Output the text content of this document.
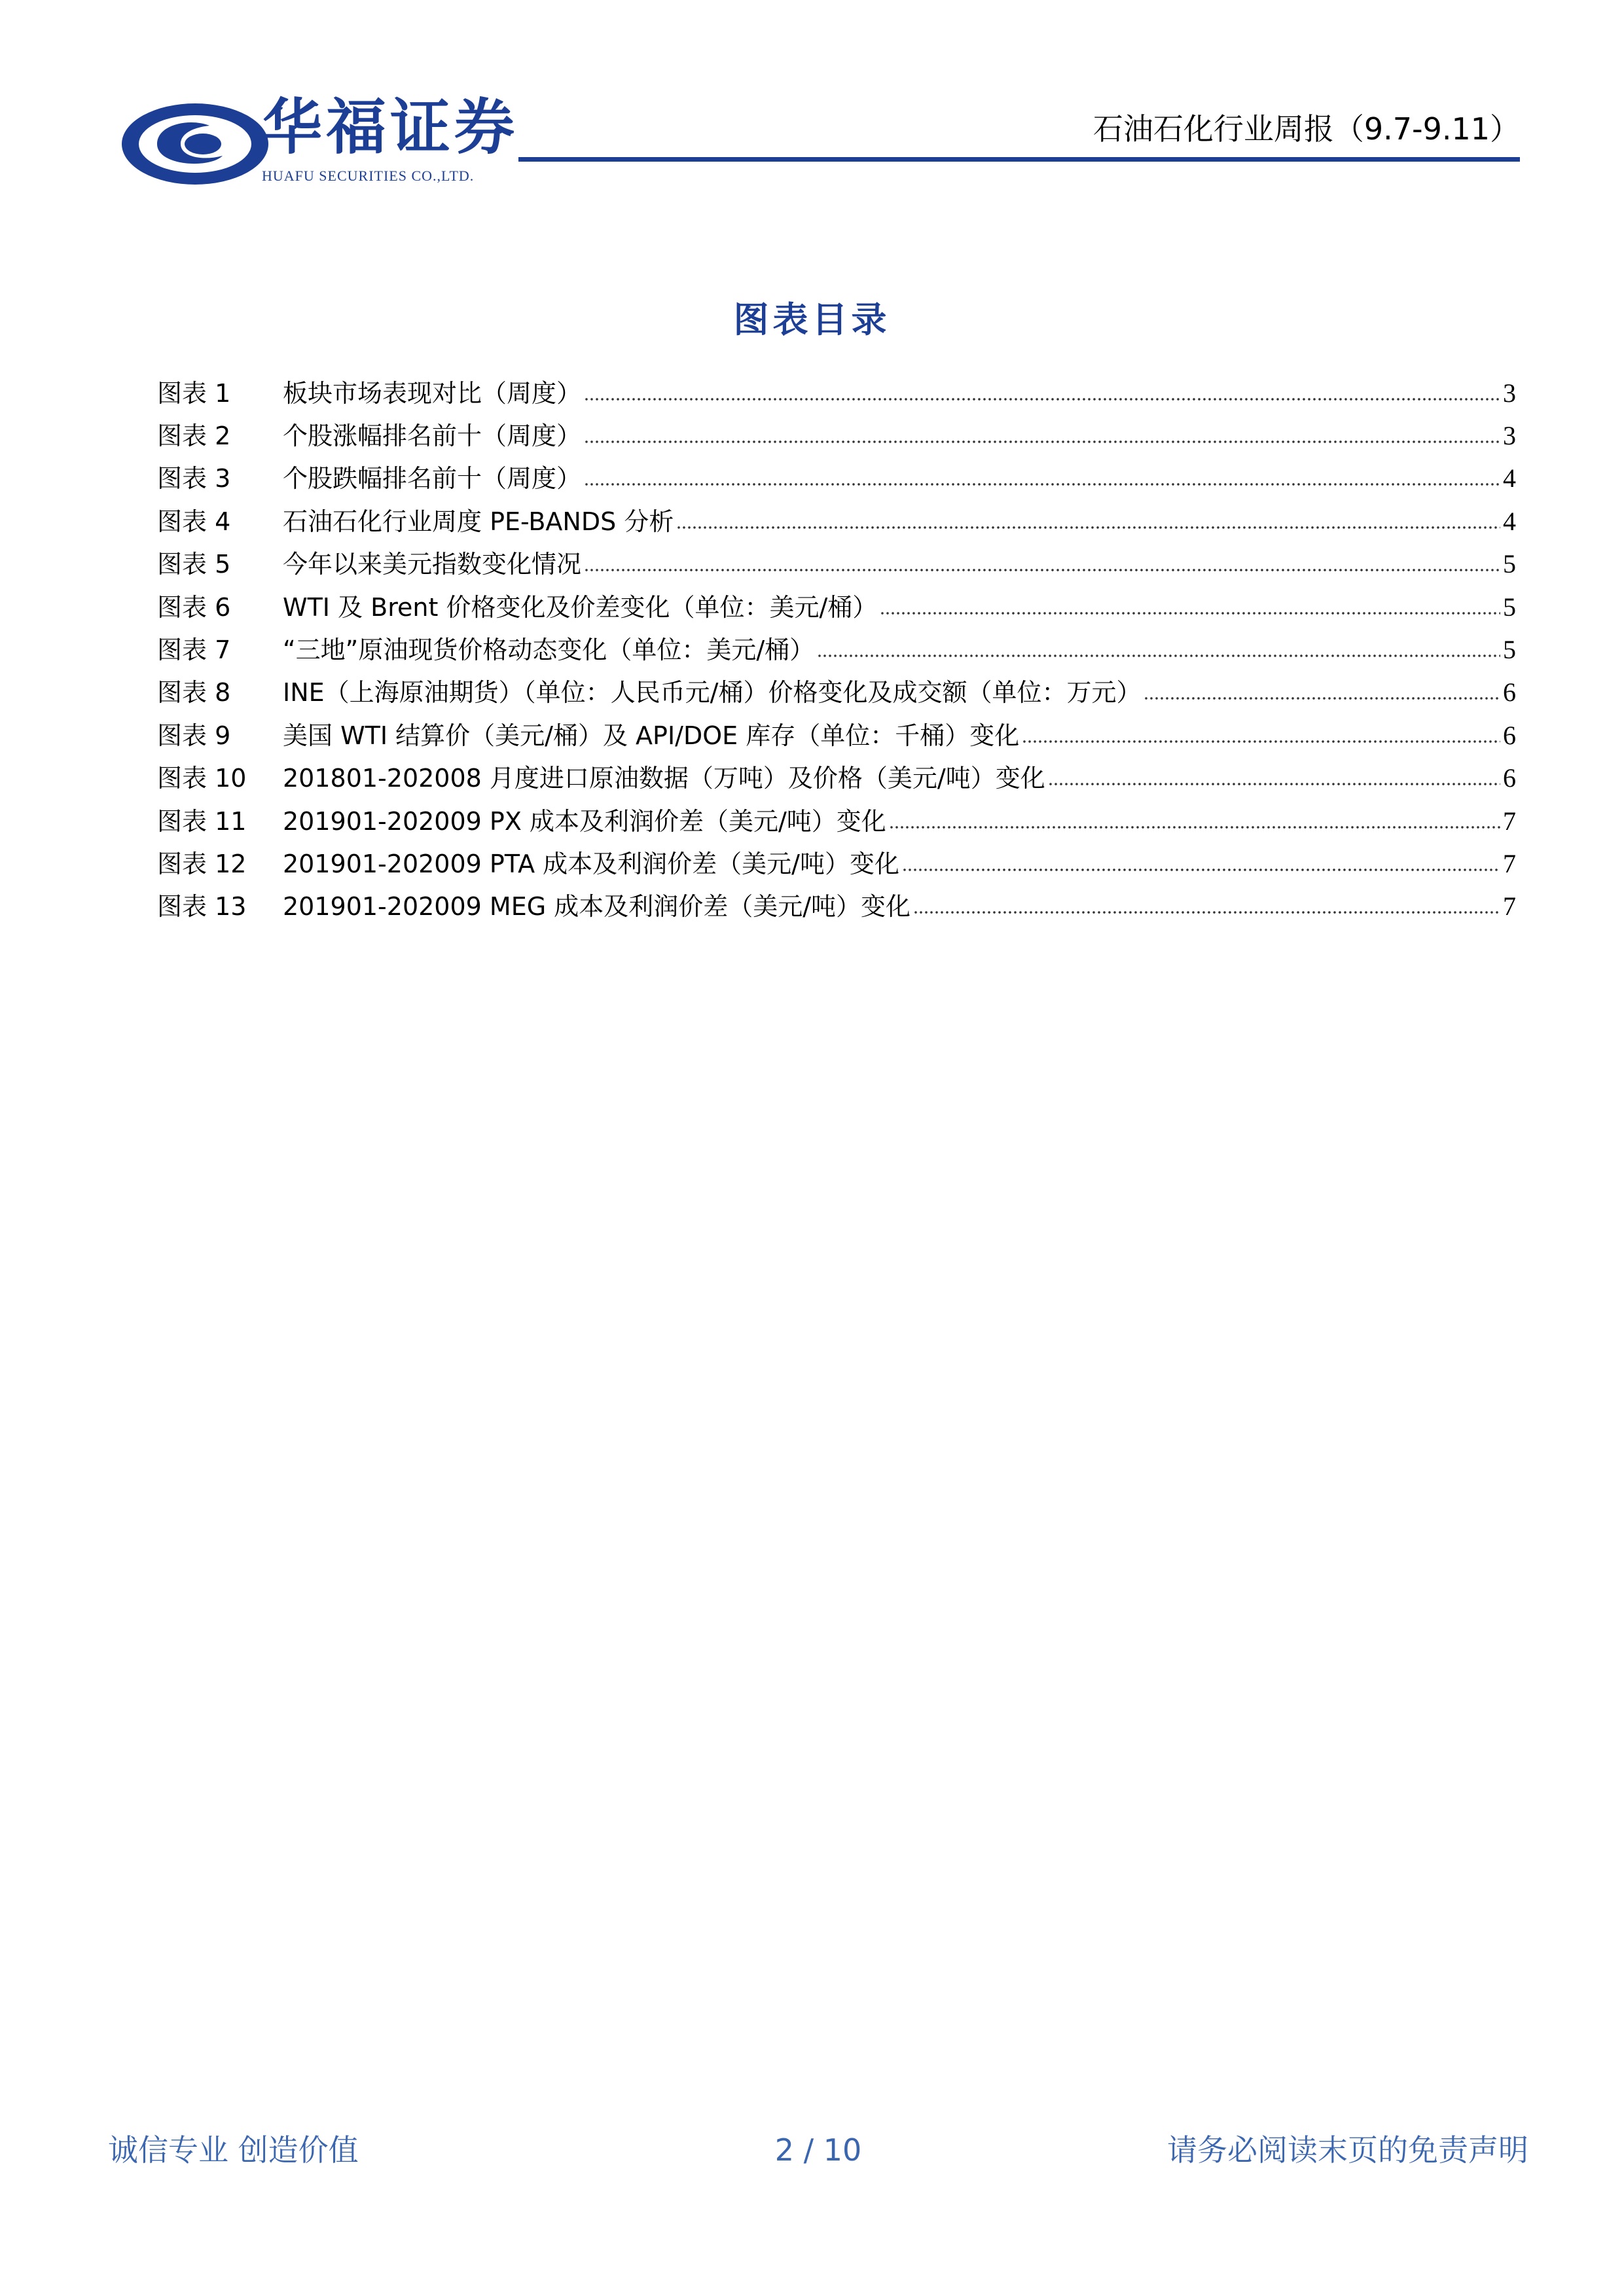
华福证券
HUAFU SECURITIES CO.,LTD.
石油石化行业周报（9.7-9.11）
图表目录
图表 1	板块市场表现对比（周度）	3
图表 2	个股涨幅排名前十（周度）	3
图表 3	个股跌幅排名前十（周度）	4
图表 4	石油石化行业周度 PE-BANDS 分析	4
图表 5	今年以来美元指数变化情况	5
图表 6	WTI 及 Brent 价格变化及价差变化（单位：美元/桶）	5
图表 7	“三地”原油现货价格动态变化（单位：美元/桶）	5
图表 8	INE（上海原油期货）（单位：人民币元/桶）价格变化及成交额（单位：万元）	6
图表 9	美国 WTI 结算价（美元/桶）及 API/DOE 库存（单位：千桶）变化	6
图表 10	201801-202008 月度进口原油数据（万吨）及价格（美元/吨）变化	6
图表 11	201901-202009 PX 成本及利润价差（美元/吨）变化	7
图表 12	201901-202009 PTA 成本及利润价差（美元/吨）变化	7
图表 13	201901-202009 MEG 成本及利润价差（美元/吨）变化	7
2 / 10
诚信专业 创造价值	请务必阅读末页的免责声明
